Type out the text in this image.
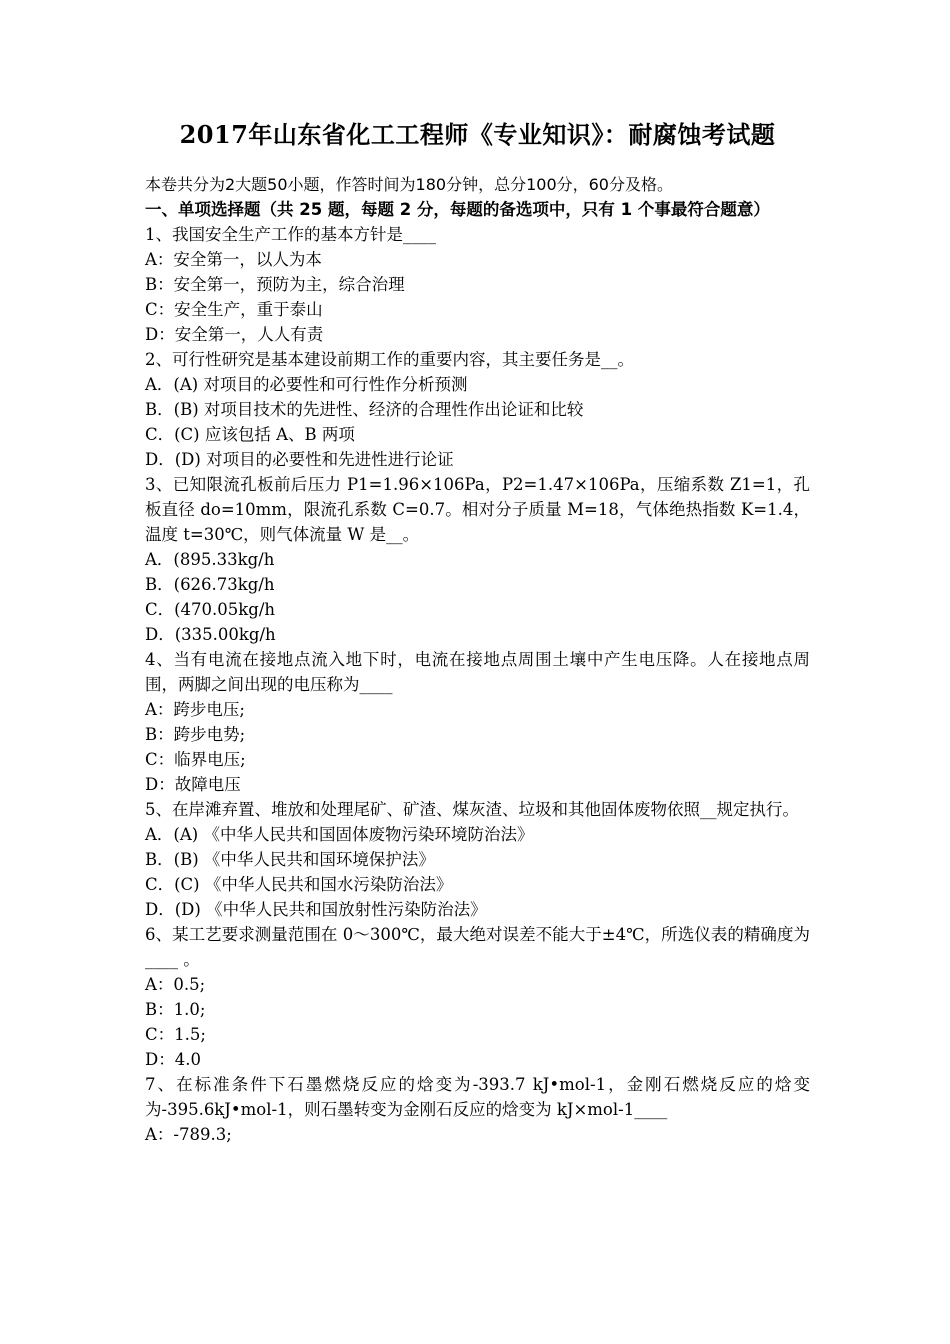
2017年山东省化工工程师《专业知识》：耐腐蚀考试题
本卷共分为2大题50小题，作答时间为180分钟，总分100分，60分及格。
一、单项选择题（共 25 题，每题 2 分，每题的备选项中，只有 1 个事最符合题意）
1、我国安全生产工作的基本方针是____
A：安全第一，以人为本
B：安全第一，预防为主，综合治理
C：安全生产，重于泰山
D：安全第一，人人有责
2、可行性研究是基本建设前期工作的重要内容，其主要任务是__。
A．(A) 对项目的必要性和可行性作分析预测
B．(B) 对项目技术的先进性、经济的合理性作出论证和比较
C．(C) 应该包括 A、B 两项
D．(D) 对项目的必要性和先进性进行论证
3、已知限流孔板前后压力 P1=1.96×106Pa，P2=1.47×106Pa，压缩系数 Z1=1，孔板直径 do=10mm，限流孔系数 C=0.7。相对分子质量 M=18，气体绝热指数 K=1.4，温度 t=30℃，则气体流量 W 是__。
A．(895.33kg/h
B．(626.73kg/h
C．(470.05kg/h
D．(335.00kg/h
4、当有电流在接地点流入地下时，电流在接地点周围土壤中产生电压降。人在接地点周围，两脚之间出现的电压称为____
A：跨步电压;
B：跨步电势;
C：临界电压;
D：故障电压
5、在岸滩弃置、堆放和处理尾矿、矿渣、煤灰渣、垃圾和其他固体废物依照__规定执行。
A．(A) 《中华人民共和国固体废物污染环境防治法》
B．(B) 《中华人民共和国环境保护法》
C．(C) 《中华人民共和国水污染防治法》
D．(D) 《中华人民共和国放射性污染防治法》
6、某工艺要求测量范围在 0～300℃，最大绝对误差不能大于±4℃，所选仪表的精确度为____ 。
A：0.5;
B：1.0;
C：1.5;
D：4.0
7、在标准条件下石墨燃烧反应的焓变为-393.7 kJ•mol-1，金刚石燃烧反应的焓变为-395.6kJ•mol-1，则石墨转变为金刚石反应的焓变为 kJ×mol-1____
A：-789.3;
